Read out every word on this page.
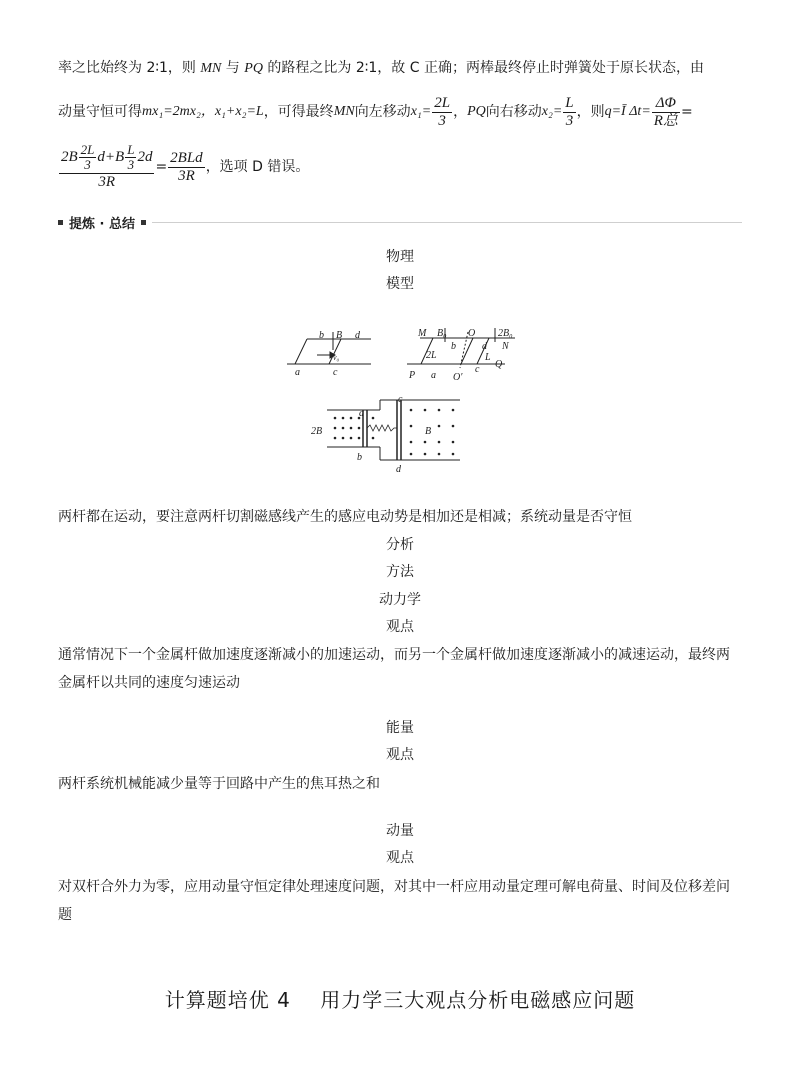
率之比始终为 2∶1，则 MN 与 PQ 的路程之比为 2∶1，故 C 正确；两棒最终停止时弹簧处于原长状态，由
动量守恒可得 mx₁=2mx₂，x₁+x₂=L ，可得最终 MN 向左移动 $x_1= \frac{2L}{3}$ ， PQ 向右移动 $x_2= \frac{L}{3}$ ，则 q=Ī $\Delta t= \frac{\Delta\Phi}{\text{R总}}$ =
$\frac{2B \frac{2L}{3} d+B \frac{L}{3} 2d}{3R} = \frac{\text{2BLd}}{3R}$ ，选项 D 错误。
提炼 · 总结
物理
模型
b B d
v₀
a	c
M B₀ O 2B₀
b	d N
2L	L
P a O′
c Q
2B
a
b
c
d
B
两杆都在运动，要注意两杆切割磁感线产生的感应电动势是相加还是相减；系统动量是否守恒
分析
方法
动力学
观点
通常情况下一个金属杆做加速度逐渐减小的加速运动，而另一个金属杆做加速度逐渐减小的减速运动，最终两
金属杆以共同的速度匀速运动
能量
观点
两杆系统机械能减少量等于回路中产生的焦耳热之和
动量
观点
对双杆合外力为零，应用动量守恒定律处理速度问题，对其中一杆应用动量定理可解电荷量、时间及位移差问
题
计算题培优 4    用力学三大观点分析电磁感应问题
